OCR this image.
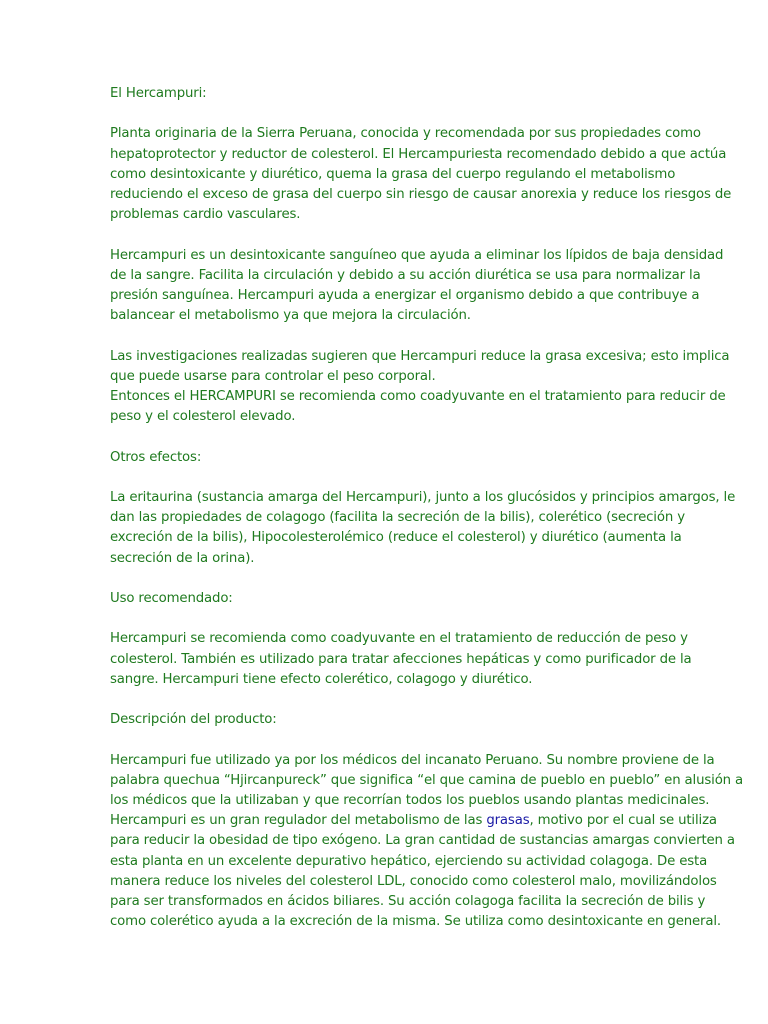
El Hercampuri:
Planta originaria de la Sierra Peruana, conocida y recomendada por sus propiedades como
hepatoprotector y reductor de colesterol. El Hercampuriesta recomendado debido a que actúa
como desintoxicante y diurético, quema la grasa del cuerpo regulando el metabolismo
reduciendo el exceso de grasa del cuerpo sin riesgo de causar anorexia y reduce los riesgos de
problemas cardio vasculares.
Hercampuri es un desintoxicante sanguíneo que ayuda a eliminar los lípidos de baja densidad
de la sangre. Facilita la circulación y debido a su acción diurética se usa para normalizar la
presión sanguínea. Hercampuri ayuda a energizar el organismo debido a que contribuye a
balancear el metabolismo ya que mejora la circulación.
Las investigaciones realizadas sugieren que Hercampuri reduce la grasa excesiva; esto implica
que puede usarse para controlar el peso corporal.
Entonces el HERCAMPURI se recomienda como coadyuvante en el tratamiento para reducir de
peso y el colesterol elevado.
Otros efectos:
La eritaurina (sustancia amarga del Hercampuri), junto a los glucósidos y principios amargos, le
dan las propiedades de colagogo (facilita la secreción de la bilis), colerético (secreción y
excreción de la bilis), Hipocolesterolémico (reduce el colesterol) y diurético (aumenta la
secreción de la orina).
Uso recomendado:
Hercampuri se recomienda como coadyuvante en el tratamiento de reducción de peso y
colesterol. También es utilizado para tratar afecciones hepáticas y como purificador de la
sangre. Hercampuri tiene efecto colerético, colagogo y diurético.
Descripción del producto:
Hercampuri fue utilizado ya por los médicos del incanato Peruano. Su nombre proviene de la
palabra quechua “Hjircanpureck” que significa “el que camina de pueblo en pueblo” en alusión a
los médicos que la utilizaban y que recorrían todos los pueblos usando plantas medicinales.
Hercampuri es un gran regulador del metabolismo de las grasas, motivo por el cual se utiliza
para reducir la obesidad de tipo exógeno. La gran cantidad de sustancias amargas convierten a
esta planta en un excelente depurativo hepático, ejerciendo su actividad colagoga. De esta
manera reduce los niveles del colesterol LDL, conocido como colesterol malo, movilizándolos
para ser transformados en ácidos biliares. Su acción colagoga facilita la secreción de bilis y
como colerético ayuda a la excreción de la misma. Se utiliza como desintoxicante en general.
